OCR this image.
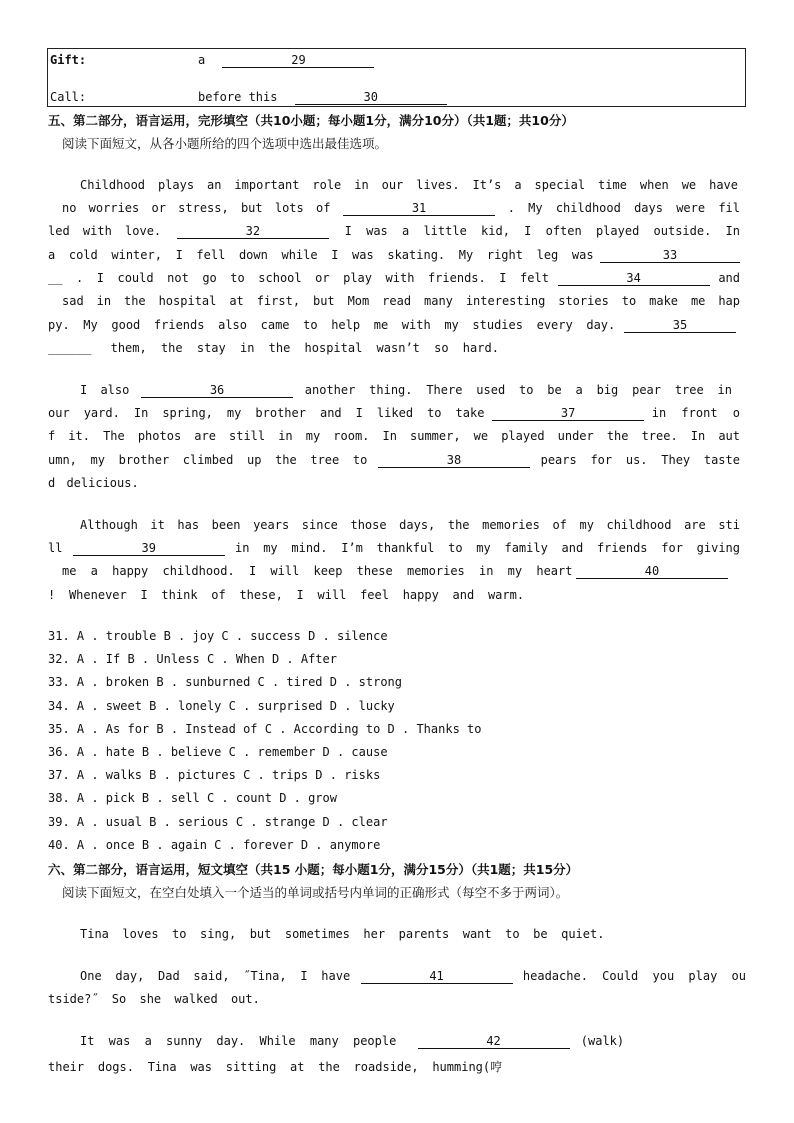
Gift:	a	29
Call:	before this	30
五、第二部分，语言运用，完形填空（共10小题；每小题1分，满分10分）（共1题；共10分）
阅读下面短文，从各小题所给的四个选项中选出最佳选项。
Childhood plays an important role in our lives. It’s a special time when we have
no worries or stress, but lots of	31	. My childhood days were fil
led with love.	32	I was a little kid, I often played outside. In
a cold winter, I fell down while I was skating. My right leg was	33
__ . I could not go to school or play with friends. I felt	34	and
sad in the hospital at first, but Mom read many interesting stories to make me hap
py. My good friends also came to help me with my studies every day.	35
______ them, the stay in the hospital wasn’t so hard.
I also	36	another thing. There used to be a big pear tree in
our yard. In spring, my brother and I liked to take	37	in front o
f it. The photos are still in my room. In summer, we played under the tree. In aut
umn, my brother climbed up the tree to	38	pears for us. They taste
d delicious.
Although it has been years since those days, the memories of my childhood are sti
ll	39	in my mind. I’m thankful to my family and friends for giving
me a happy childhood. I will keep these memories in my heart	40
! Whenever I think of these, I will feel happy and warm.
31. A . trouble B . joy C . success D . silence
32. A . If B . Unless C . When D . After
33. A . broken B . sunburned C . tired D . strong
34. A . sweet B . lonely C . surprised D . lucky
35. A . As for B . Instead of C . According to D . Thanks to
36. A . hate B . believe C . remember D . cause
37. A . walks B . pictures C . trips D . risks
38. A . pick B . sell C . count D . grow
39. A . usual B . serious C . strange D . clear
40. A . once B . again C . forever D . anymore
六、第二部分，语言运用，短文填空（共15 小题；每小题1分，满分15分）（共1题；共15分）
阅读下面短文，在空白处填入一个适当的单词或括号内单词的正确形式（每空不多于两词）。
Tina loves to sing, but sometimes her parents want to be quiet.
One day, Dad said, ˝Tina, I have	41	headache. Could you play ou
tside?˝ So she walked out.
It was a sunny day. While many people	42	(walk)
their dogs. Tina was sitting at the roadside, humming(哼
